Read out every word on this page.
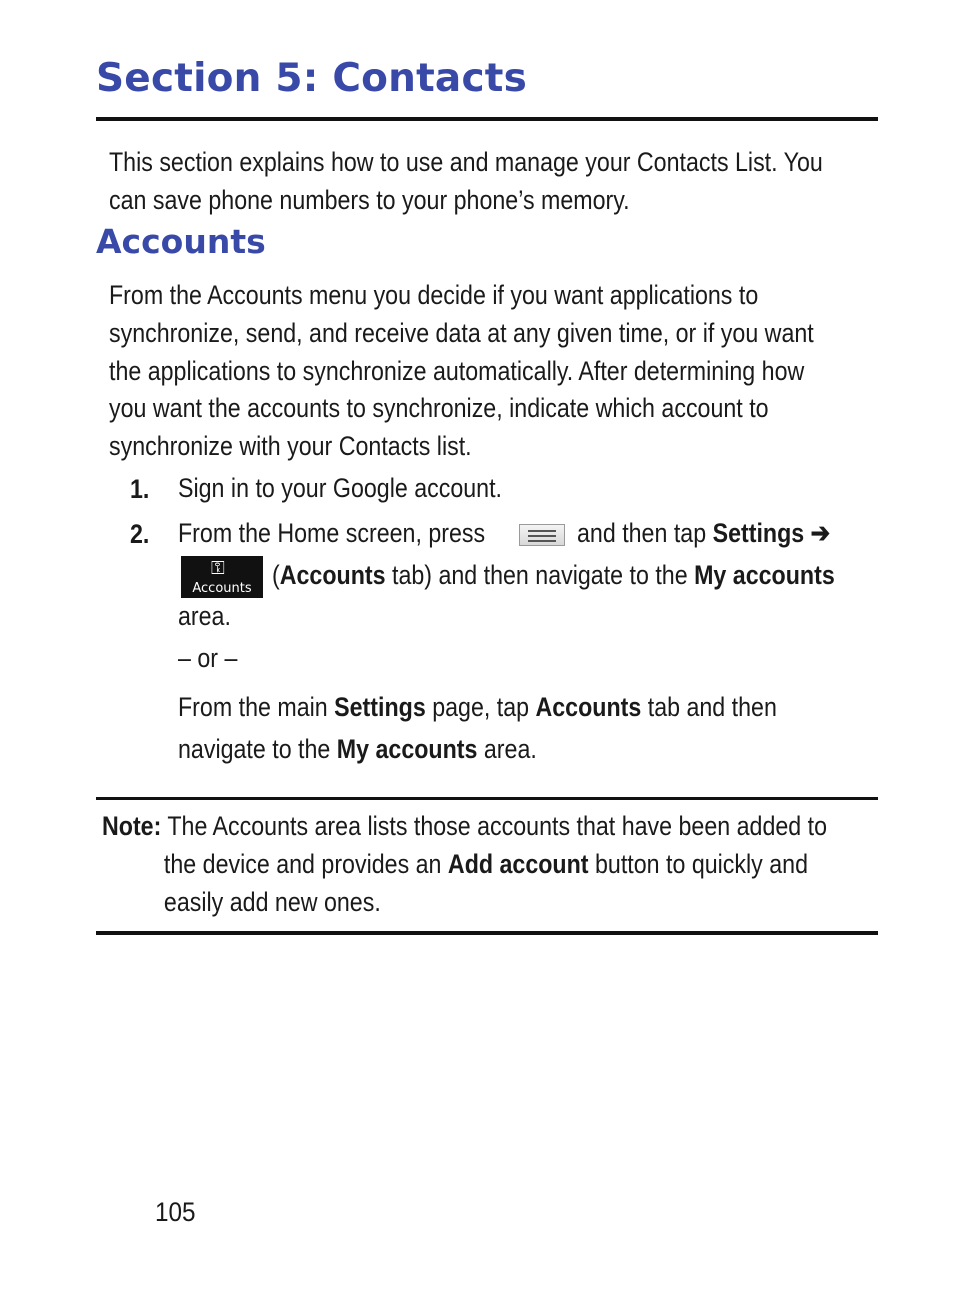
Section 5: Contacts
This section explains how to use and manage your Contacts List. You
can save phone numbers to your phone’s memory.
Accounts
From the Accounts menu you decide if you want applications to
synchronize, send, and receive data at any given time, or if you want
the applications to synchronize automatically. After determining how
you want the accounts to synchronize, indicate which account to
synchronize with your Contacts list.
1. Sign in to your Google account.
2. From the Home screen, press	and then tap Settings ➔
⚿
Accounts (Accounts tab) and then navigate to the My accounts
area.
– or –
From the main Settings page, tap Accounts tab and then
navigate to the My accounts area.
Note: The Accounts area lists those accounts that have been added to
the device and provides an Add account button to quickly and
easily add new ones.
105
